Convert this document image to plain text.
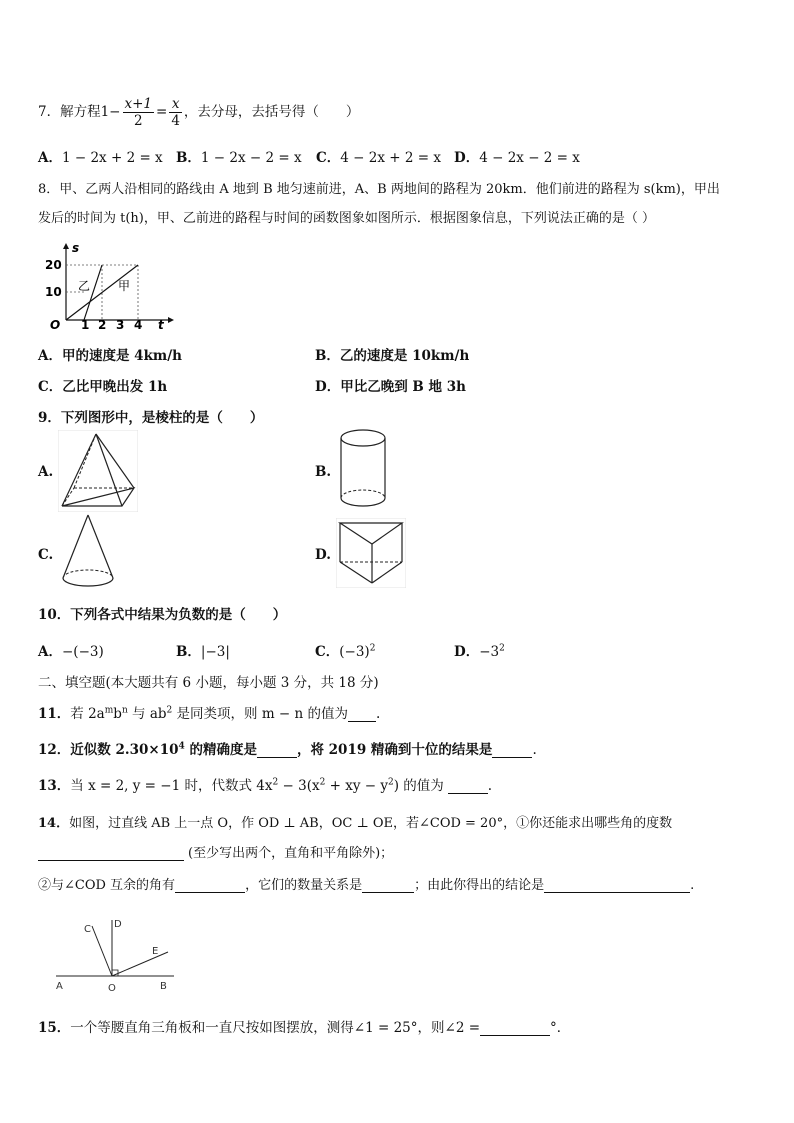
7．解方程$1- \frac{x+1}{2} = \frac{x}{4}$ ，去分母，去括号得（　　）
A．1 − 2x + 2 = x B．1 − 2x − 2 = x C．4 − 2x + 2 = x D．4 − 2x − 2 = x
8．甲、乙两人沿相同的路线由 A 地到 B 地匀速前进，A、B 两地间的路程为 20km．他们前进的路程为 s(km)，甲出
发后的时间为 t(h)，甲、乙前进的路程与时间的函数图象如图所示．根据图象信息，下列说法正确的是（ ）
s
t
O
20
10
1 2 3 4
乙 甲
A．甲的速度是 4km/h	B．乙的速度是 10km/h
C．乙比甲晚出发 1h	D．甲比乙晚到 B 地 3h
9．下列图形中，是棱柱的是（　　）
A.	B.
C.	D.
10．下列各式中结果为负数的是（　　）
A．−(−3)	B．|−3|	C．$(-3)^2$	D．$-3^2$
二、填空题(本大题共有 6 小题，每小题 3 分，共 18 分)
11．若 $2a^mb^n$ 与 $ab^2$ 是同类项，则 m − n 的值为 .
12．近似数 $2.30\times 10^4$ 的精确度是	，将 2019 精确到十位的结果是	.
13．当 x = 2, y = −1 时，代数式 $4x^2 - 3(x^2$ + xy − $y^2$) 的值为	.
14．如图，过直线 AB 上一点 O，作 OD ⊥ AB，OC ⊥ OE，若∠COD = 20°，①你还能求出哪些角的度数
(至少写出两个，直角和平角除外)；
②与∠COD 互余的角有	，它们的数量关系是	；由此你得出的结论是	.
A	O	B
C D
E
15．一个等腰直角三角板和一直尺按如图摆放，测得∠1 = 25°，则∠2 =	°．
